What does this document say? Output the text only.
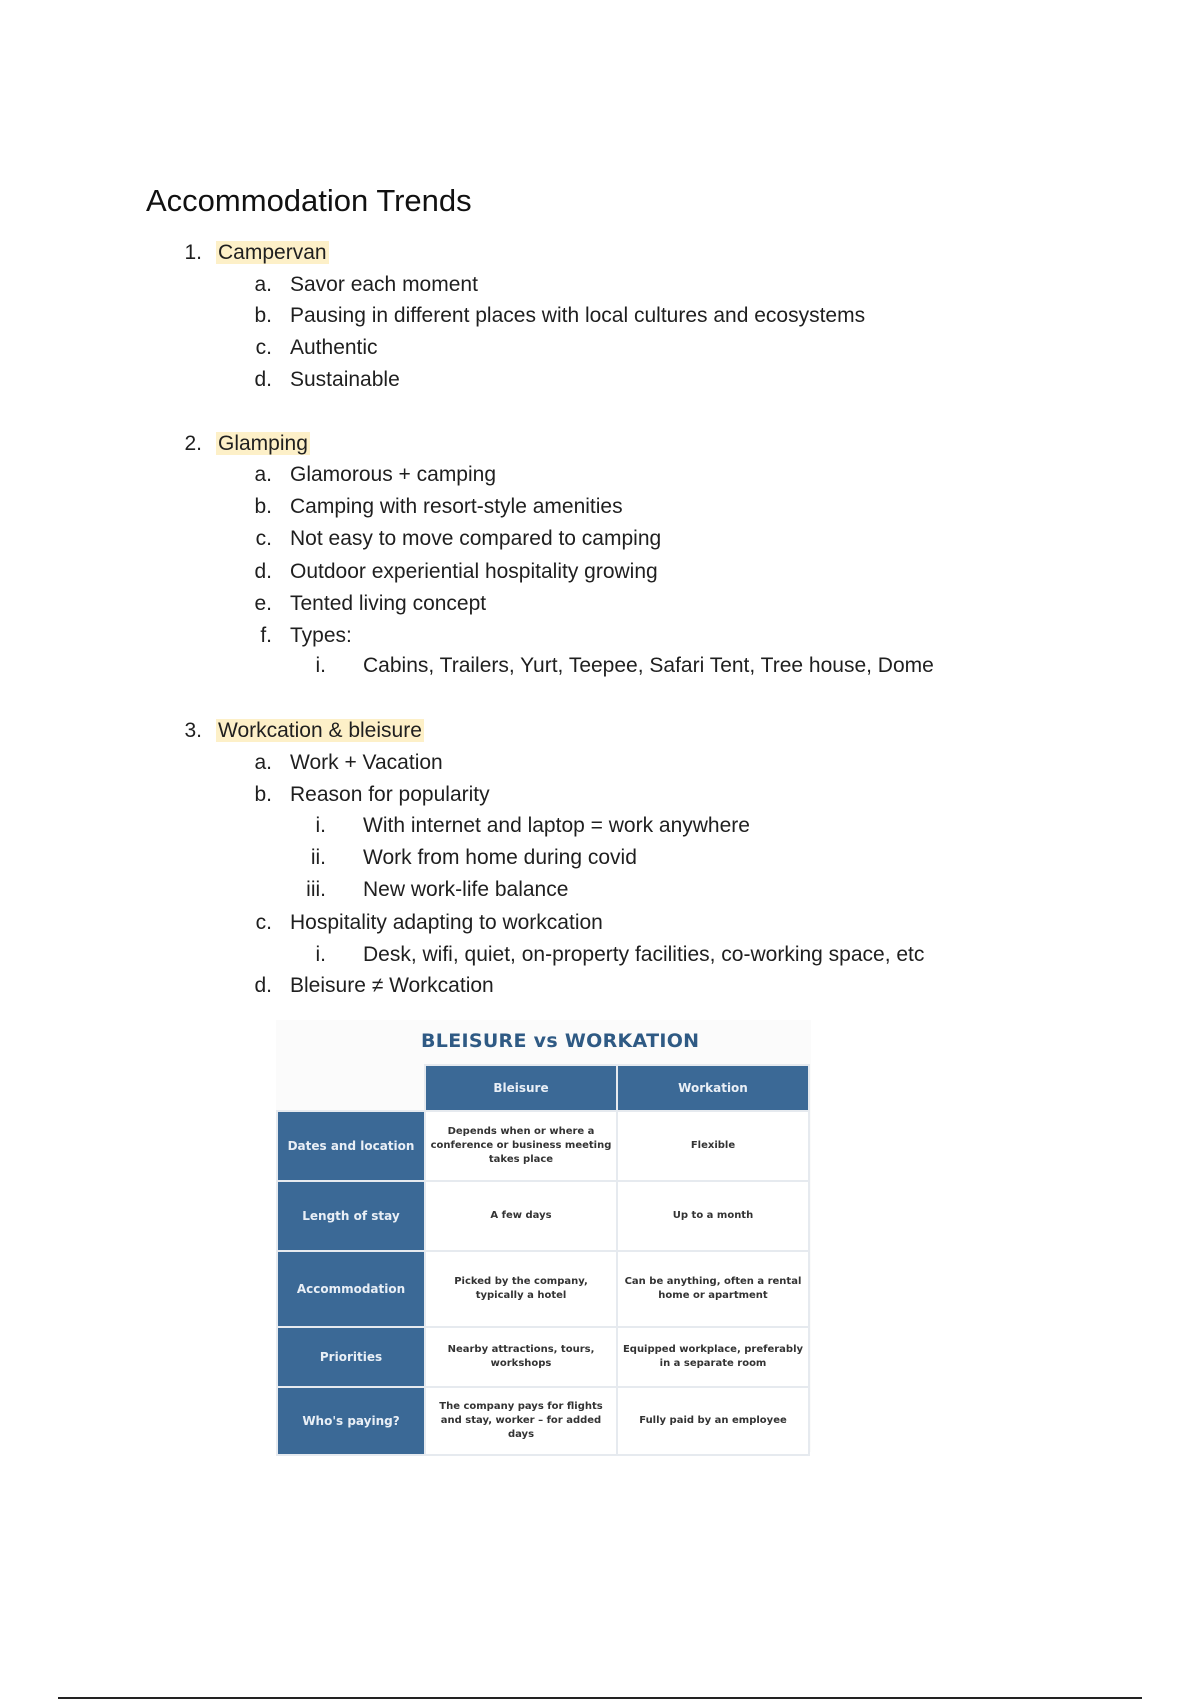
Accommodation Trends
1. Campervan
a. Savor each moment
b. Pausing in different places with local cultures and ecosystems
c. Authentic
d. Sustainable
2. Glamping
a. Glamorous + camping
b. Camping with resort-style amenities
c. Not easy to move compared to camping
d. Outdoor experiential hospitality growing
e. Tented living concept
f. Types:
i. Cabins, Trailers, Yurt, Teepee, Safari Tent, Tree house, Dome
3. Workcation & bleisure
a. Work + Vacation
b. Reason for popularity
i. With internet and laptop = work anywhere
ii. Work from home during covid
iii. New work-life balance
c. Hospitality adapting to workcation
i. Desk, wifi, quiet, on-property facilities, co-working space, etc
d. Bleisure ≠ Workcation
BLEISURE vs WORKATION
	Bleisure	Workation
Dates and location	Depends when or where a conference or business meeting takes place	Flexible
Length of stay	A few days	Up to a month
Accommodation	Picked by the company, typically a hotel	Can be anything, often a rental home or apartment
Priorities	Nearby attractions, tours, workshops	Equipped workplace, preferably in a separate room
Who's paying?	The company pays for flights and stay, worker – for added days	Fully paid by an employee
